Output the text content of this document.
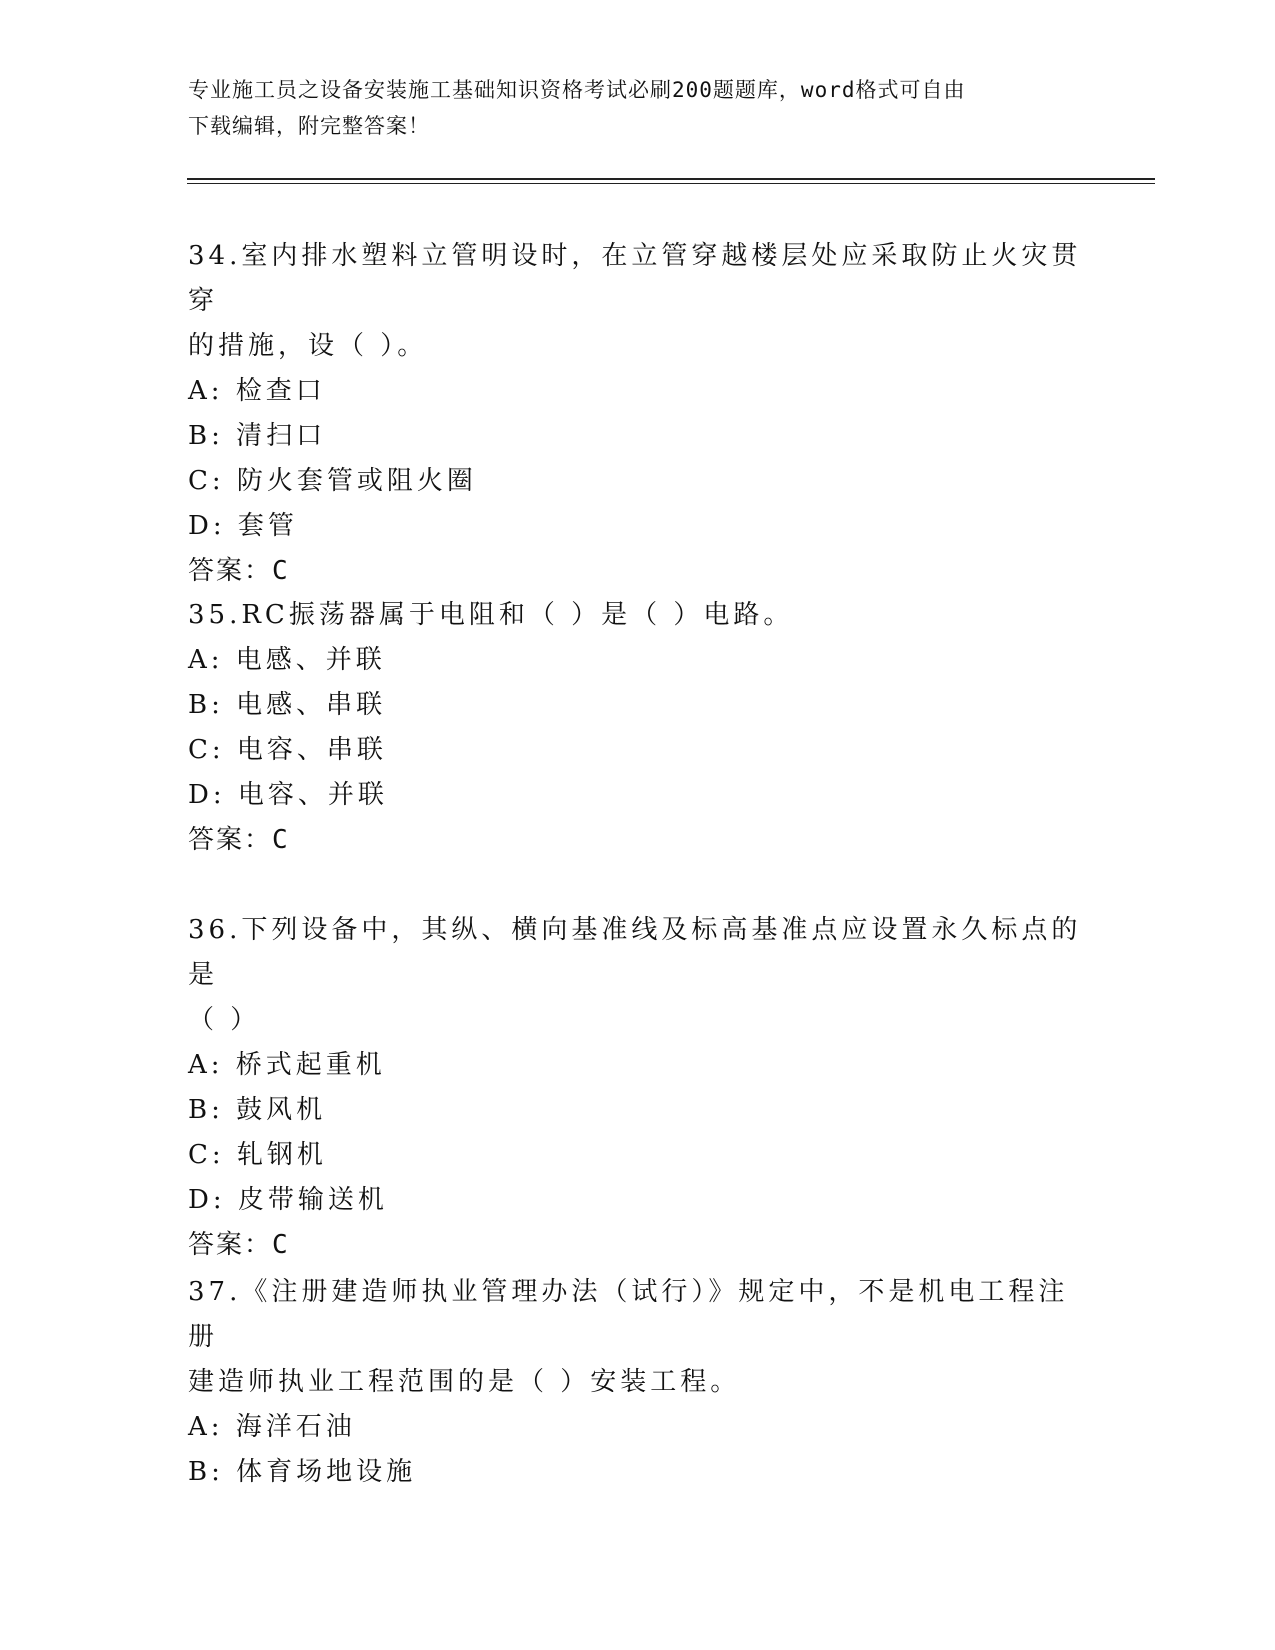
专业施工员之设备安装施工基础知识资格考试必刷200题题库，word格式可自由
下载编辑，附完整答案！

34.室内排水塑料立管明设时，在立管穿越楼层处应采取防止火灾贯穿

的措施，设（ ）。

A: 检查口

B: 清扫口

C: 防火套管或阻火圈

D: 套管

答案：C

35.RC振荡器属于电阻和（ ）是（ ）电路。

A: 电感、并联

B: 电感、串联

C: 电容、串联

D: 电容、并联

答案：C

36.下列设备中，其纵、横向基准线及标高基准点应设置永久标点的是

（ ）

A: 桥式起重机

B: 鼓风机

C: 轧钢机

D: 皮带输送机

答案：C

37.《注册建造师执业管理办法（试行）》规定中，不是机电工程注册

建造师执业工程范围的是（ ）安装工程。

A: 海洋石油

B: 体育场地设施
